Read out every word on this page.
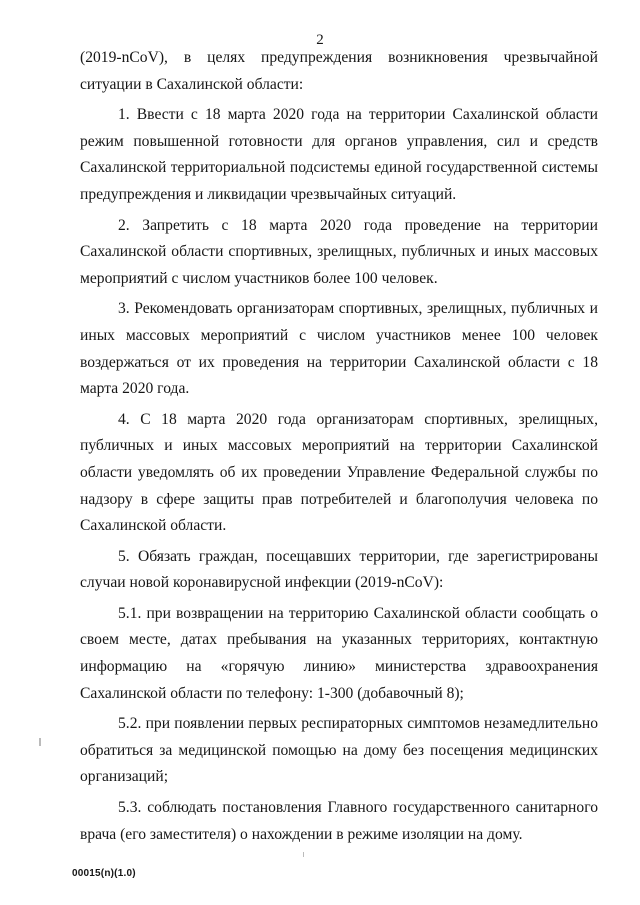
2

(2019-nCoV), в целях предупреждения возникновения чрезвычайной ситуации в Сахалинской области:

1. Ввести с 18 марта 2020 года на территории Сахалинской области режим повышенной готовности для органов управления, сил и средств Сахалинской территориальной подсистемы единой государственной системы предупреждения и ликвидации чрезвычайных ситуаций.

2. Запретить с 18 марта 2020 года проведение на территории Сахалинской области спортивных, зрелищных, публичных и иных массовых мероприятий с числом участников более 100 человек.

3. Рекомендовать организаторам спортивных, зрелищных, публичных и иных массовых мероприятий с числом участников менее 100 человек воздержаться от их проведения на территории Сахалинской области с 18 марта 2020 года.

4. С 18 марта 2020 года организаторам спортивных, зрелищных, публичных и иных массовых мероприятий на территории Сахалинской области уведомлять об их проведении Управление Федеральной службы по надзору в сфере защиты прав потребителей и благополучия человека по Сахалинской области.

5. Обязать граждан, посещавших территории, где зарегистрированы случаи новой коронавирусной инфекции (2019-nCoV):

5.1. при возвращении на территорию Сахалинской области сообщать о своем месте, датах пребывания на указанных территориях, контактную информацию на «горячую линию» министерства здравоохранения Сахалинской области по телефону: 1-300 (добавочный 8);

5.2. при появлении первых респираторных симптомов незамедлительно обратиться за медицинской помощью на дому без посещения медицинских организаций;

5.3. соблюдать постановления Главного государственного санитарного врача (его заместителя) о нахождении в режиме изоляции на дому.

00015(n)(1.0)
